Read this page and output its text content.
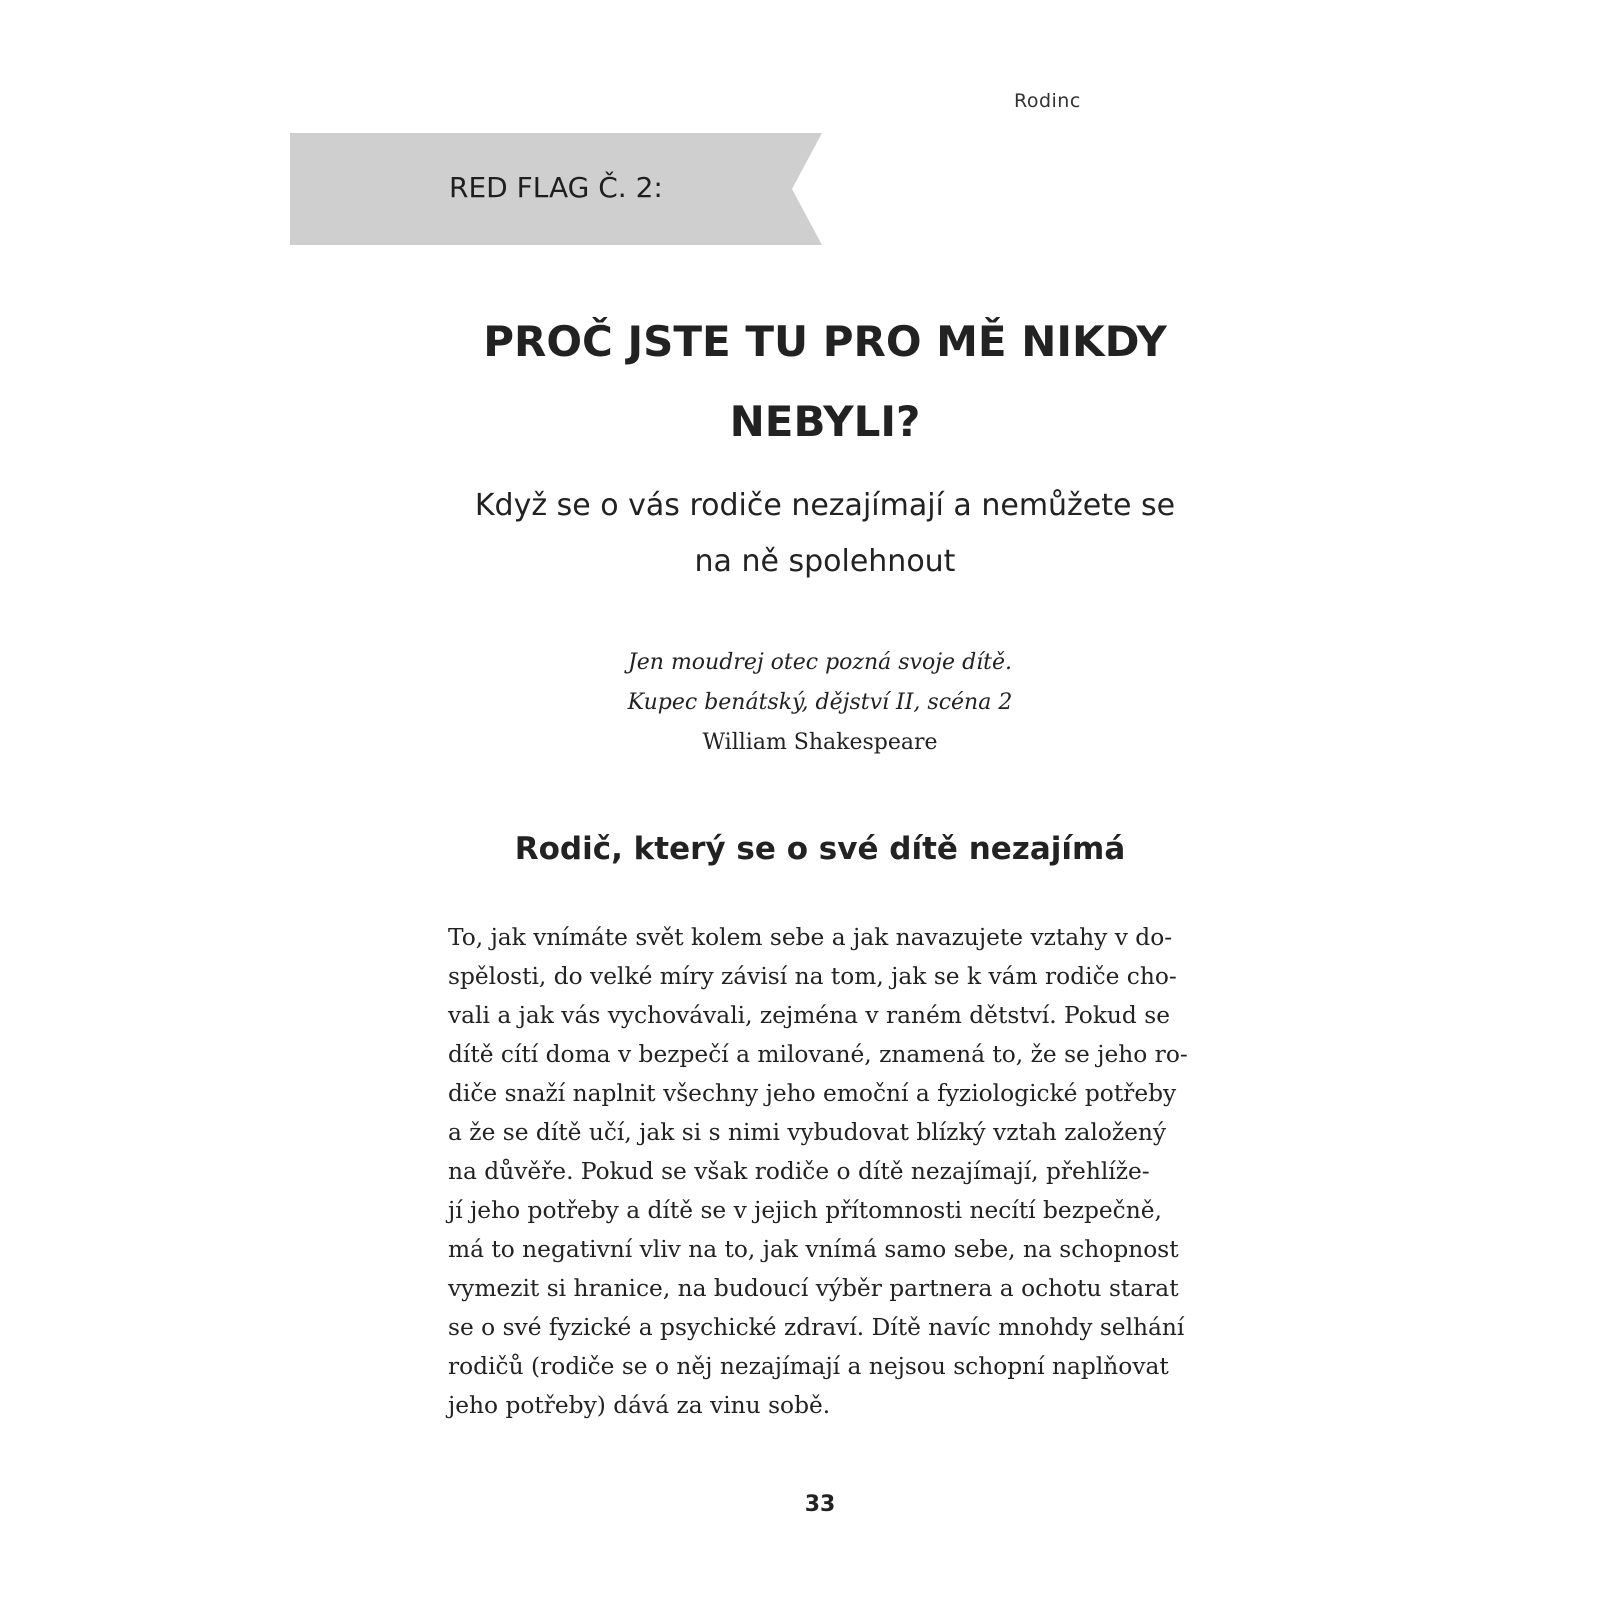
Rodinc
RED FLAG Č. 2:
PROČ JSTE TU PRO MĚ NIKDY
NEBYLI?
Když se o vás rodiče nezajímají a nemůžete se
na ně spolehnout
Jen moudrej otec pozná svoje dítě.
Kupec benátský, dějství II, scéna 2
William Shakespeare
Rodič, který se o své dítě nezajímá
To, jak vnímáte svět kolem sebe a jak navazujete vztahy v do-
spělosti, do velké míry závisí na tom, jak se k vám rodiče cho-
vali a jak vás vychovávali, zejména v raném dětství. Pokud se
dítě cítí doma v bezpečí a milované, znamená to, že se jeho ro-
diče snaží naplnit všechny jeho emoční a fyziologické potřeby
a že se dítě učí, jak si s nimi vybudovat blízký vztah založený
na důvěře. Pokud se však rodiče o dítě nezajímají, přehlíže-
jí jeho potřeby a dítě se v jejich přítomnosti necítí bezpečně,
má to negativní vliv na to, jak vnímá samo sebe, na schopnost
vymezit si hranice, na budoucí výběr partnera a ochotu starat
se o své fyzické a psychické zdraví. Dítě navíc mnohdy selhání
rodičů (rodiče se o něj nezajímají a nejsou schopní naplňovat
jeho potřeby) dává za vinu sobě.
33
